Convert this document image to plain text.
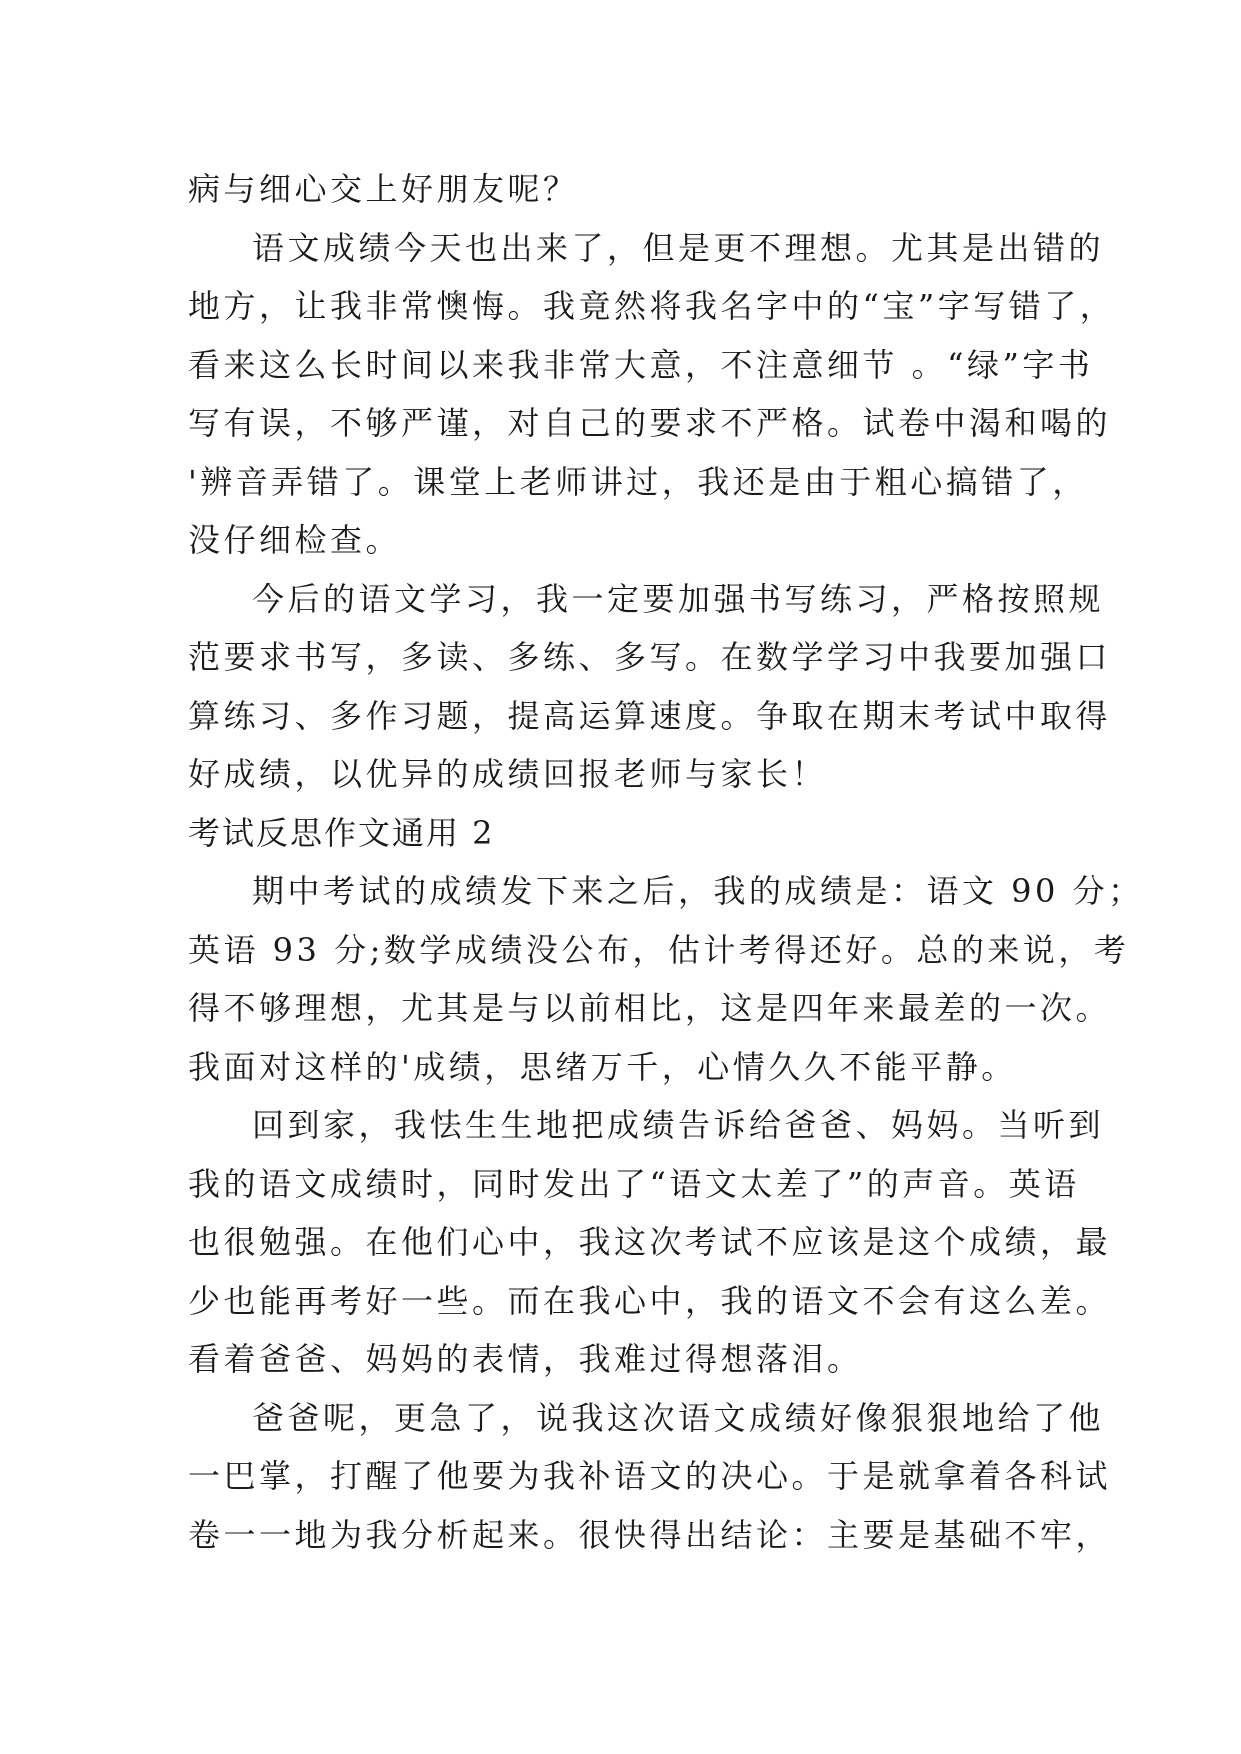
病与细心交上好朋友呢？
语文成绩今天也出来了，但是更不理想。尤其是出错的
地方，让我非常懊悔。我竟然将我名字中的“宝”字写错了，
看来这么长时间以来我非常大意，不注意细节 。“绿”字书
写有误，不够严谨，对自己的要求不严格。试卷中渴和喝的
'辨音弄错了。课堂上老师讲过，我还是由于粗心搞错了，
没仔细检查。
今后的语文学习，我一定要加强书写练习，严格按照规
范要求书写，多读、多练、多写。在数学学习中我要加强口
算练习、多作习题，提高运算速度。争取在期末考试中取得
好成绩，以优异的成绩回报老师与家长！
考试反思作文通用 2
期中考试的成绩发下来之后，我的成绩是：语文 90 分；
英语 93 分;数学成绩没公布，估计考得还好。总的来说，考
得不够理想，尤其是与以前相比，这是四年来最差的一次。
我面对这样的'成绩，思绪万千，心情久久不能平静。
回到家，我怯生生地把成绩告诉给爸爸、妈妈。当听到
我的语文成绩时，同时发出了“语文太差了”的声音。英语
也很勉强。在他们心中，我这次考试不应该是这个成绩，最
少也能再考好一些。而在我心中，我的语文不会有这么差。
看着爸爸、妈妈的表情，我难过得想落泪。
爸爸呢，更急了，说我这次语文成绩好像狠狠地给了他
一巴掌，打醒了他要为我补语文的决心。于是就拿着各科试
卷一一地为我分析起来。很快得出结论：主要是基础不牢，
